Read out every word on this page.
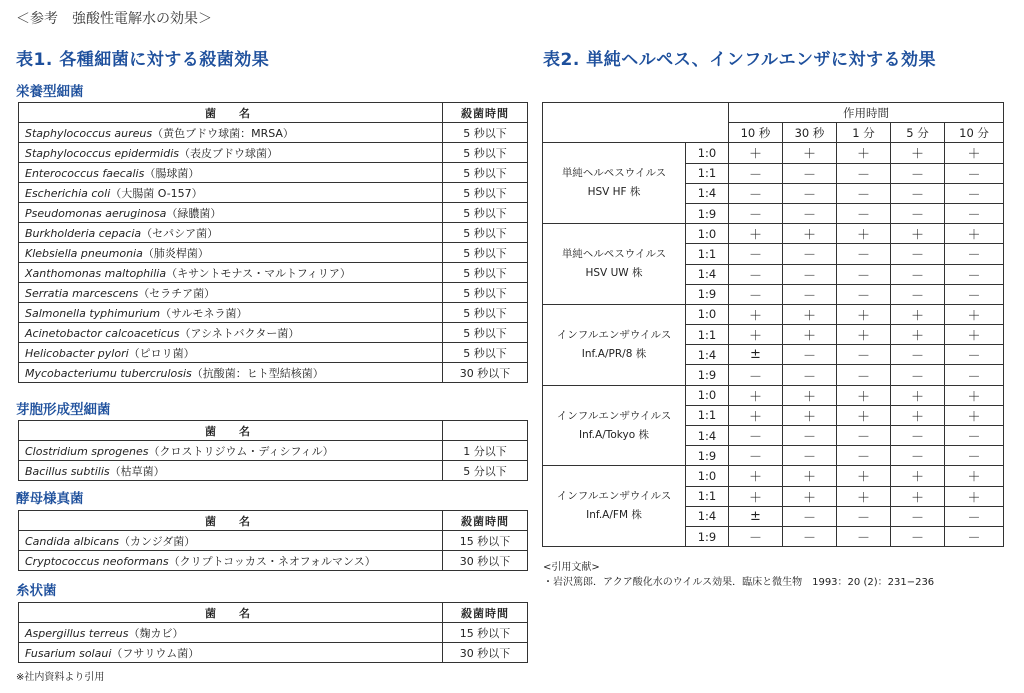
＜参考　強酸性電解水の効果＞
表1. 各種細菌に対する殺菌効果
栄養型細菌
菌　名	殺菌時間
Staphylococcus aureus（黄色ブドウ球菌：MRSA）	5 秒以下
Staphylococcus epidermidis（表皮ブドウ球菌）	5 秒以下
Enterococcus faecalis（腸球菌）	5 秒以下
Escherichia coli（大腸菌 O-157）	5 秒以下
Pseudomonas aeruginosa（緑膿菌）	5 秒以下
Burkholderia cepacia（セパシア菌）	5 秒以下
Klebsiella pneumonia（肺炎桿菌）	5 秒以下
Xanthomonas maltophilia（キサントモナス・マルトフィリア）	5 秒以下
Serratia marcescens（セラチア菌）	5 秒以下
Salmonella typhimurium（サルモネラ菌）	5 秒以下
Acinetobactor calcoaceticus（アシネトバクター菌）	5 秒以下
Helicobacter pylori（ピロリ菌）	5 秒以下
Mycobacteriumu tubercrulosis（抗酸菌：ヒト型結核菌）	30 秒以下
芽胞形成型細菌
菌　名	
Clostridium sprogenes（クロストリジウム・ディシフィル）	1 分以下
Bacillus subtilis（枯草菌）	5 分以下
酵母様真菌
菌　名	殺菌時間
Candida albicans（カンジダ菌）	15 秒以下
Cryptococcus neoformans（クリプトコッカス・ネオフォルマンス）	30 秒以下
糸状菌
菌　名	殺菌時間
Aspergillus terreus（麹カビ）	15 秒以下
Fusarium solaui（フサリウム菌）	30 秒以下
※社内資料より引用
表2. 単純ヘルペス、インフルエンザに対する効果
		作用時間				
		10 秒	30 秒	1 分	5 分	10 分

単純ヘルペスウイルス
HSV HF 株	1:0	＋	＋	＋	＋	＋
	1:1	－	－	－	－	－
	1:4	－	－	－	－	－
	1:9	－	－	－	－	－

単純ヘルペスウイルス
HSV UW 株	1:0	＋	＋	＋	＋	＋
	1:1	－	－	－	－	－
	1:4	－	－	－	－	－
	1:9	－	－	－	－	－

インフルエンザウイルス
Inf.A/PR/8 株	1:0	＋	＋	＋	＋	＋
	1:1	＋	＋	＋	＋	＋
	1:4	±	－	－	－	－
	1:9	－	－	－	－	－

インフルエンザウイルス
Inf.A/Tokyo 株	1:0	＋	＋	＋	＋	＋
	1:1	＋	＋	＋	＋	＋
	1:4	－	－	－	－	－
	1:9	－	－	－	－	－

インフルエンザウイルス
Inf.A/FM 株	1:0	＋	＋	＋	＋	＋
	1:1	＋	＋	＋	＋	＋
	1:4	±	－	－	－	－
	1:9	－	－	－	－	－
<引用文献>
・岩沢篤郎．アクア酸化水のウイルス効果．臨床と微生物　1993：20 (2)：231−236
